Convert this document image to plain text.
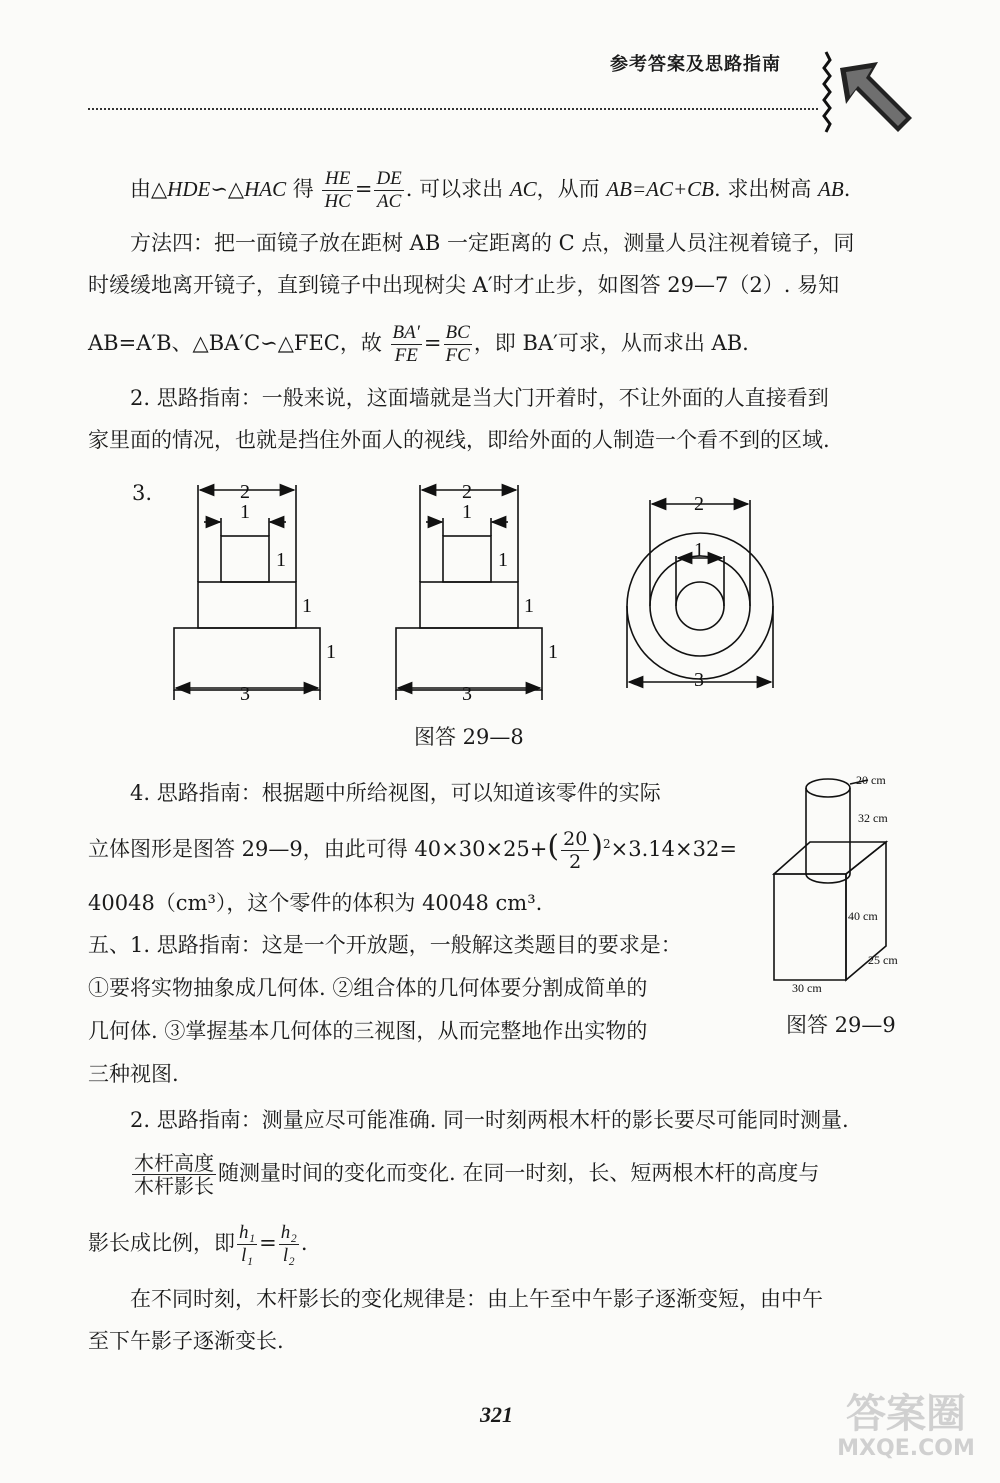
参考答案及思路指南
由△HDE∽△HAC 得 $\frac{HE}{HC} = \frac{DE}{AC}$ . 可以求出 AC，从而 AB=AC+CB. 求出树高 AB.
方法四：把一面镜子放在距树 AB 一定距离的 C 点，测量人员注视着镜子，同
时缓缓地离开镜子，直到镜子中出现树尖 A′时才止步，如图答 29—7（2）. 易知
AB=A′B、△BA′C∽△FEC，故 $\frac{BA'}{FE} = \frac{BC}{FC}$ ，即 BA′可求，从而求出 AB.
2. 思路指南：一般来说，这面墙就是当大门开着时，不让外面的人直接看到
家里面的情况，也就是挡住外面人的视线，即给外面的人制造一个看不到的区域.
3.	2
1
1
1
1
3
2
1
1
1
1
3
2
1
3
图答 29—8
4. 思路指南：根据题中所给视图，可以知道该零件的实际
立体图形是图答 29—9，由此可得 $40\times 30\times 25+( \frac{20}{2} )^2\times 3.14\times 32=$
40048（cm³），这个零件的体积为 40048 cm³.
20 cm
32 cm
40 cm
25 cm
30 cm
图答 29—9
五、1. 思路指南：这是一个开放题，一般解这类题目的要求是：
①要将实物抽象成几何体. ②组合体的几何体要分割成简单的
几何体. ③掌握基本几何体的三视图，从而完整地作出实物的
三种视图.
2. 思路指南：测量应尽可能准确. 同一时刻两根木杆的影长要尽可能同时测量.
$\frac{\text{木杆高度}}{\text{木杆影长}}$ 随测量时间的变化而变化. 在同一时刻，长、短两根木杆的高度与
影长成比例，即 $\frac{\text{h₁}}{\text{l₁}} = \frac{\text{h₂}}{\text{l₂}}$ .
在不同时刻，木杆影长的变化规律是：由上午至中午影子逐渐变短，由中午
至下午影子逐渐变长.
321	答案圈
MXQE.COM
